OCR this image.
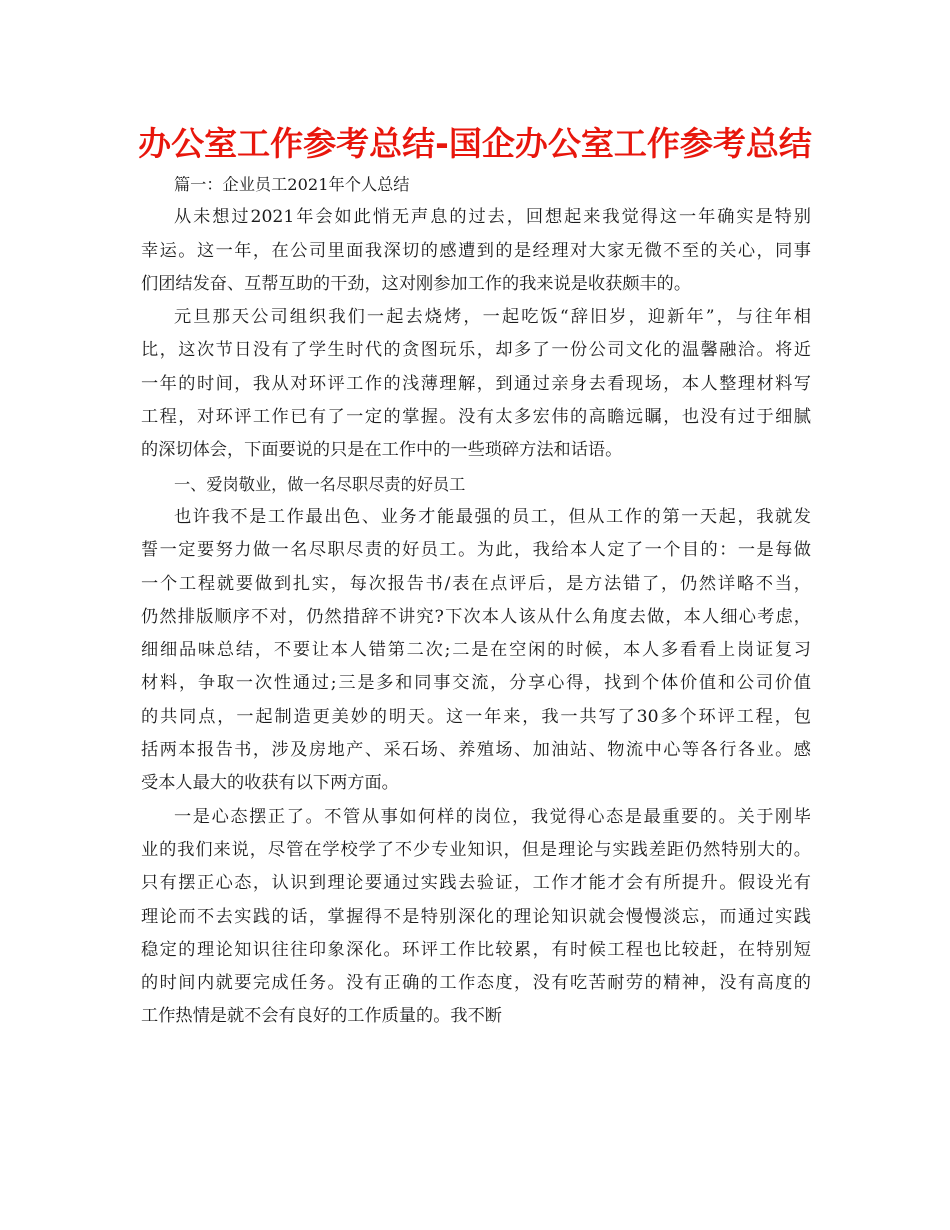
办公室工作参考总结-国企办公室工作参考总结
篇一：企业员工2021年个人总结
从未想过2021年会如此悄无声息的过去，回想起来我觉得这一年确实是特别
幸运。这一年，在公司里面我深切的感遭到的是经理对大家无微不至的关心，同事
们团结发奋、互帮互助的干劲，这对刚参加工作的我来说是收获颇丰的。
元旦那天公司组织我们一起去烧烤，一起吃饭“辞旧岁，迎新年”，与往年相
比，这次节日没有了学生时代的贪图玩乐，却多了一份公司文化的温馨融洽。将近
一年的时间，我从对环评工作的浅薄理解，到通过亲身去看现场，本人整理材料写
工程，对环评工作已有了一定的掌握。没有太多宏伟的高瞻远瞩，也没有过于细腻
的深切体会，下面要说的只是在工作中的一些琐碎方法和话语。
一、爱岗敬业，做一名尽职尽责的好员工
也许我不是工作最出色、业务才能最强的员工，但从工作的第一天起，我就发
誓一定要努力做一名尽职尽责的好员工。为此，我给本人定了一个目的：一是每做
一个工程就要做到扎实，每次报告书/表在点评后，是方法错了，仍然详略不当，
仍然排版顺序不对，仍然措辞不讲究?下次本人该从什么角度去做，本人细心考虑，
细细品味总结，不要让本人错第二次;二是在空闲的时候，本人多看看上岗证复习
材料，争取一次性通过;三是多和同事交流，分享心得，找到个体价值和公司价值
的共同点，一起制造更美妙的明天。这一年来，我一共写了30多个环评工程，包
括两本报告书，涉及房地产、采石场、养殖场、加油站、物流中心等各行各业。感
受本人最大的收获有以下两方面。
一是心态摆正了。不管从事如何样的岗位，我觉得心态是最重要的。关于刚毕
业的我们来说，尽管在学校学了不少专业知识，但是理论与实践差距仍然特别大的。
只有摆正心态，认识到理论要通过实践去验证，工作才能才会有所提升。假设光有
理论而不去实践的话，掌握得不是特别深化的理论知识就会慢慢淡忘，而通过实践
稳定的理论知识往往印象深化。环评工作比较累，有时候工程也比较赶，在特别短
的时间内就要完成任务。没有正确的工作态度，没有吃苦耐劳的精神，没有高度的
工作热情是就不会有良好的工作质量的。我不断
